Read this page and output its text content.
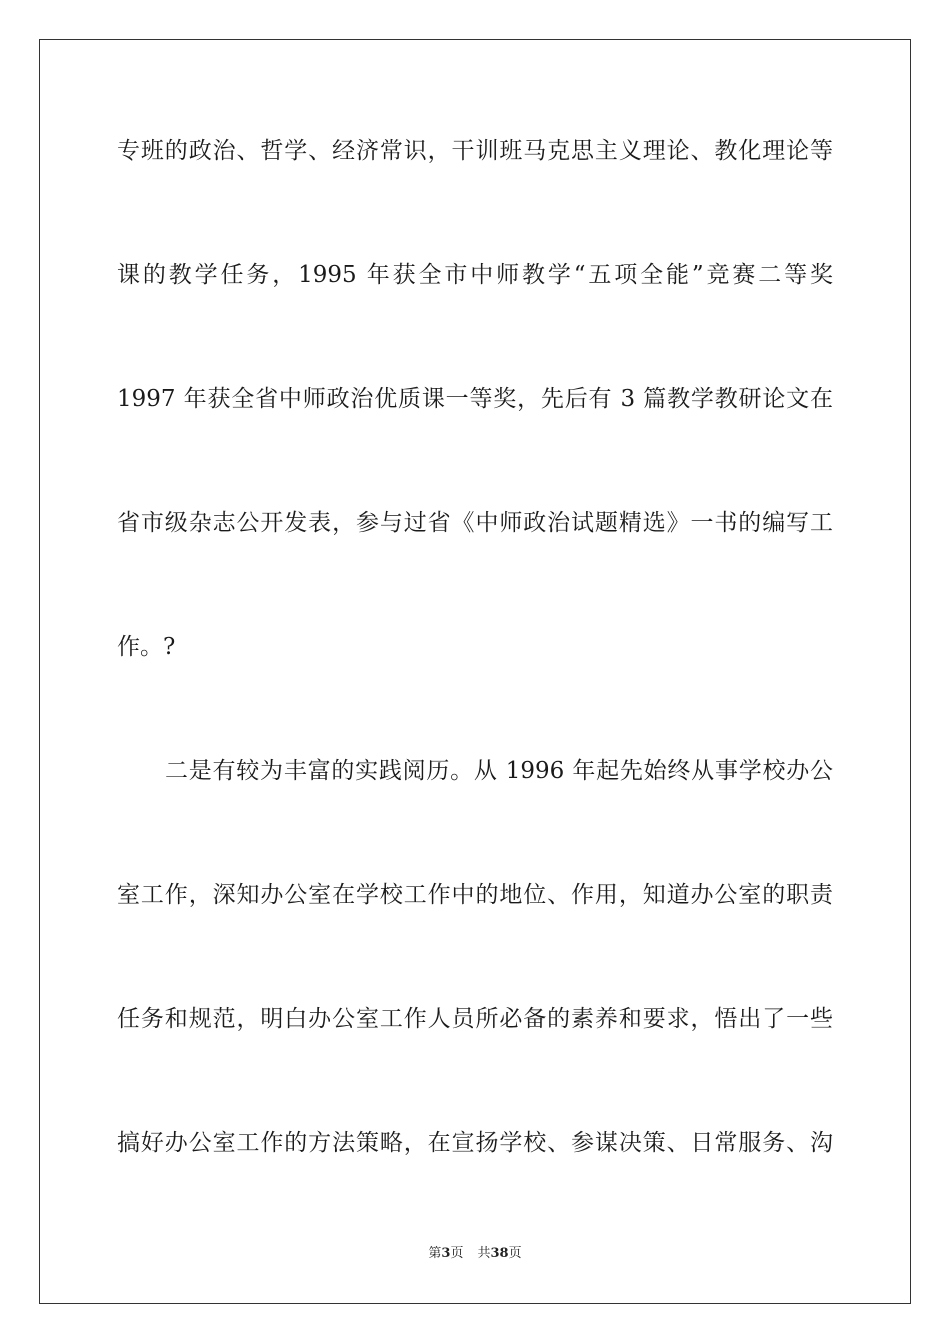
专班的政治、哲学、经济常识，干训班马克思主义理论、教化理论等
课的教学任务，1995 年获全市中师教学“五项全能”竞赛二等奖
1997 年获全省中师政治优质课一等奖，先后有 3 篇教学教研论文在
省市级杂志公开发表，参与过省《中师政治试题精选》一书的编写工
作。?
二是有较为丰富的实践阅历。从 1996 年起先始终从事学校办公
室工作，深知办公室在学校工作中的地位、作用，知道办公室的职责
任务和规范，明白办公室工作人员所必备的素养和要求，悟出了一些
搞好办公室工作的方法策略，在宣扬学校、参谋决策、日常服务、沟
第3页 共38页
